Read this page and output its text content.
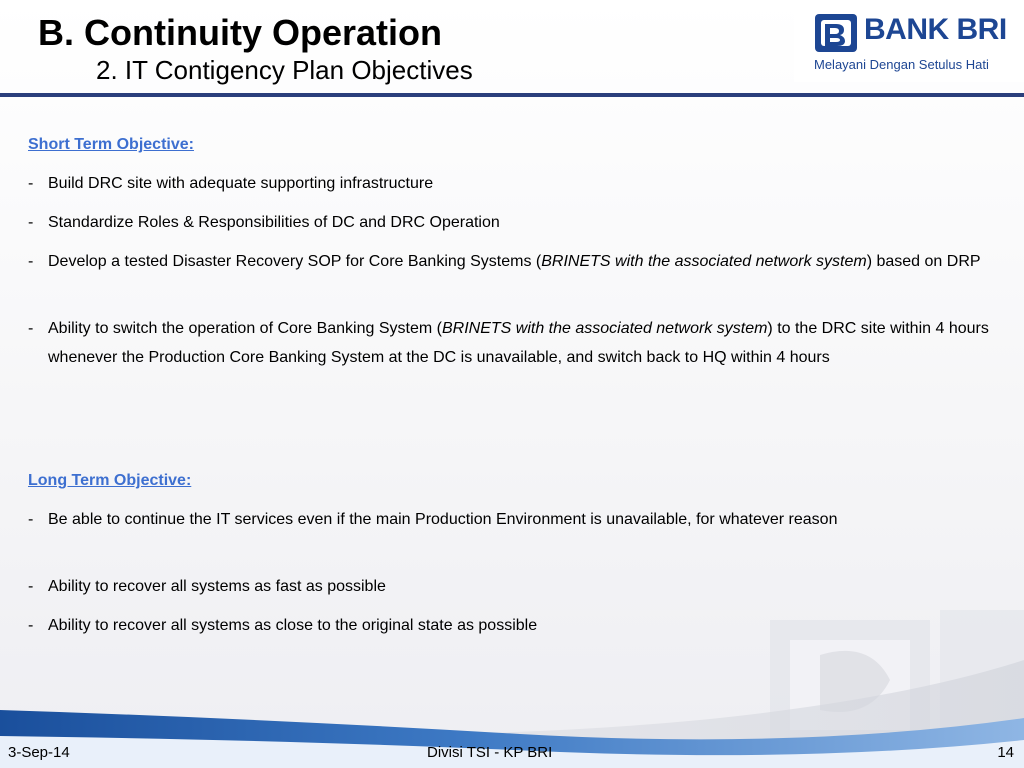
B. Continuity Operation
2. IT Contigency Plan Objectives
BANK BRI
Melayani Dengan Setulus Hati
Short Term Objective:
- Build DRC site with adequate supporting infrastructure
- Standardize Roles & Responsibilities of DC and DRC Operation
- Develop a tested Disaster Recovery SOP for Core Banking Systems (BRINETS with the associated network system) based on DRP
- Ability to switch the operation of Core Banking System (BRINETS with the associated network system) to the DRC site within 4 hours whenever the Production Core Banking System at the DC is unavailable, and switch back to HQ within 4 hours
Long Term Objective:
- Be able to continue the IT services even if the main Production Environment is unavailable, for whatever reason
- Ability to recover all systems as fast as possible
- Ability to recover all systems as close to the original state as possible
3-Sep-14	Divisi TSI - KP BRI	14
